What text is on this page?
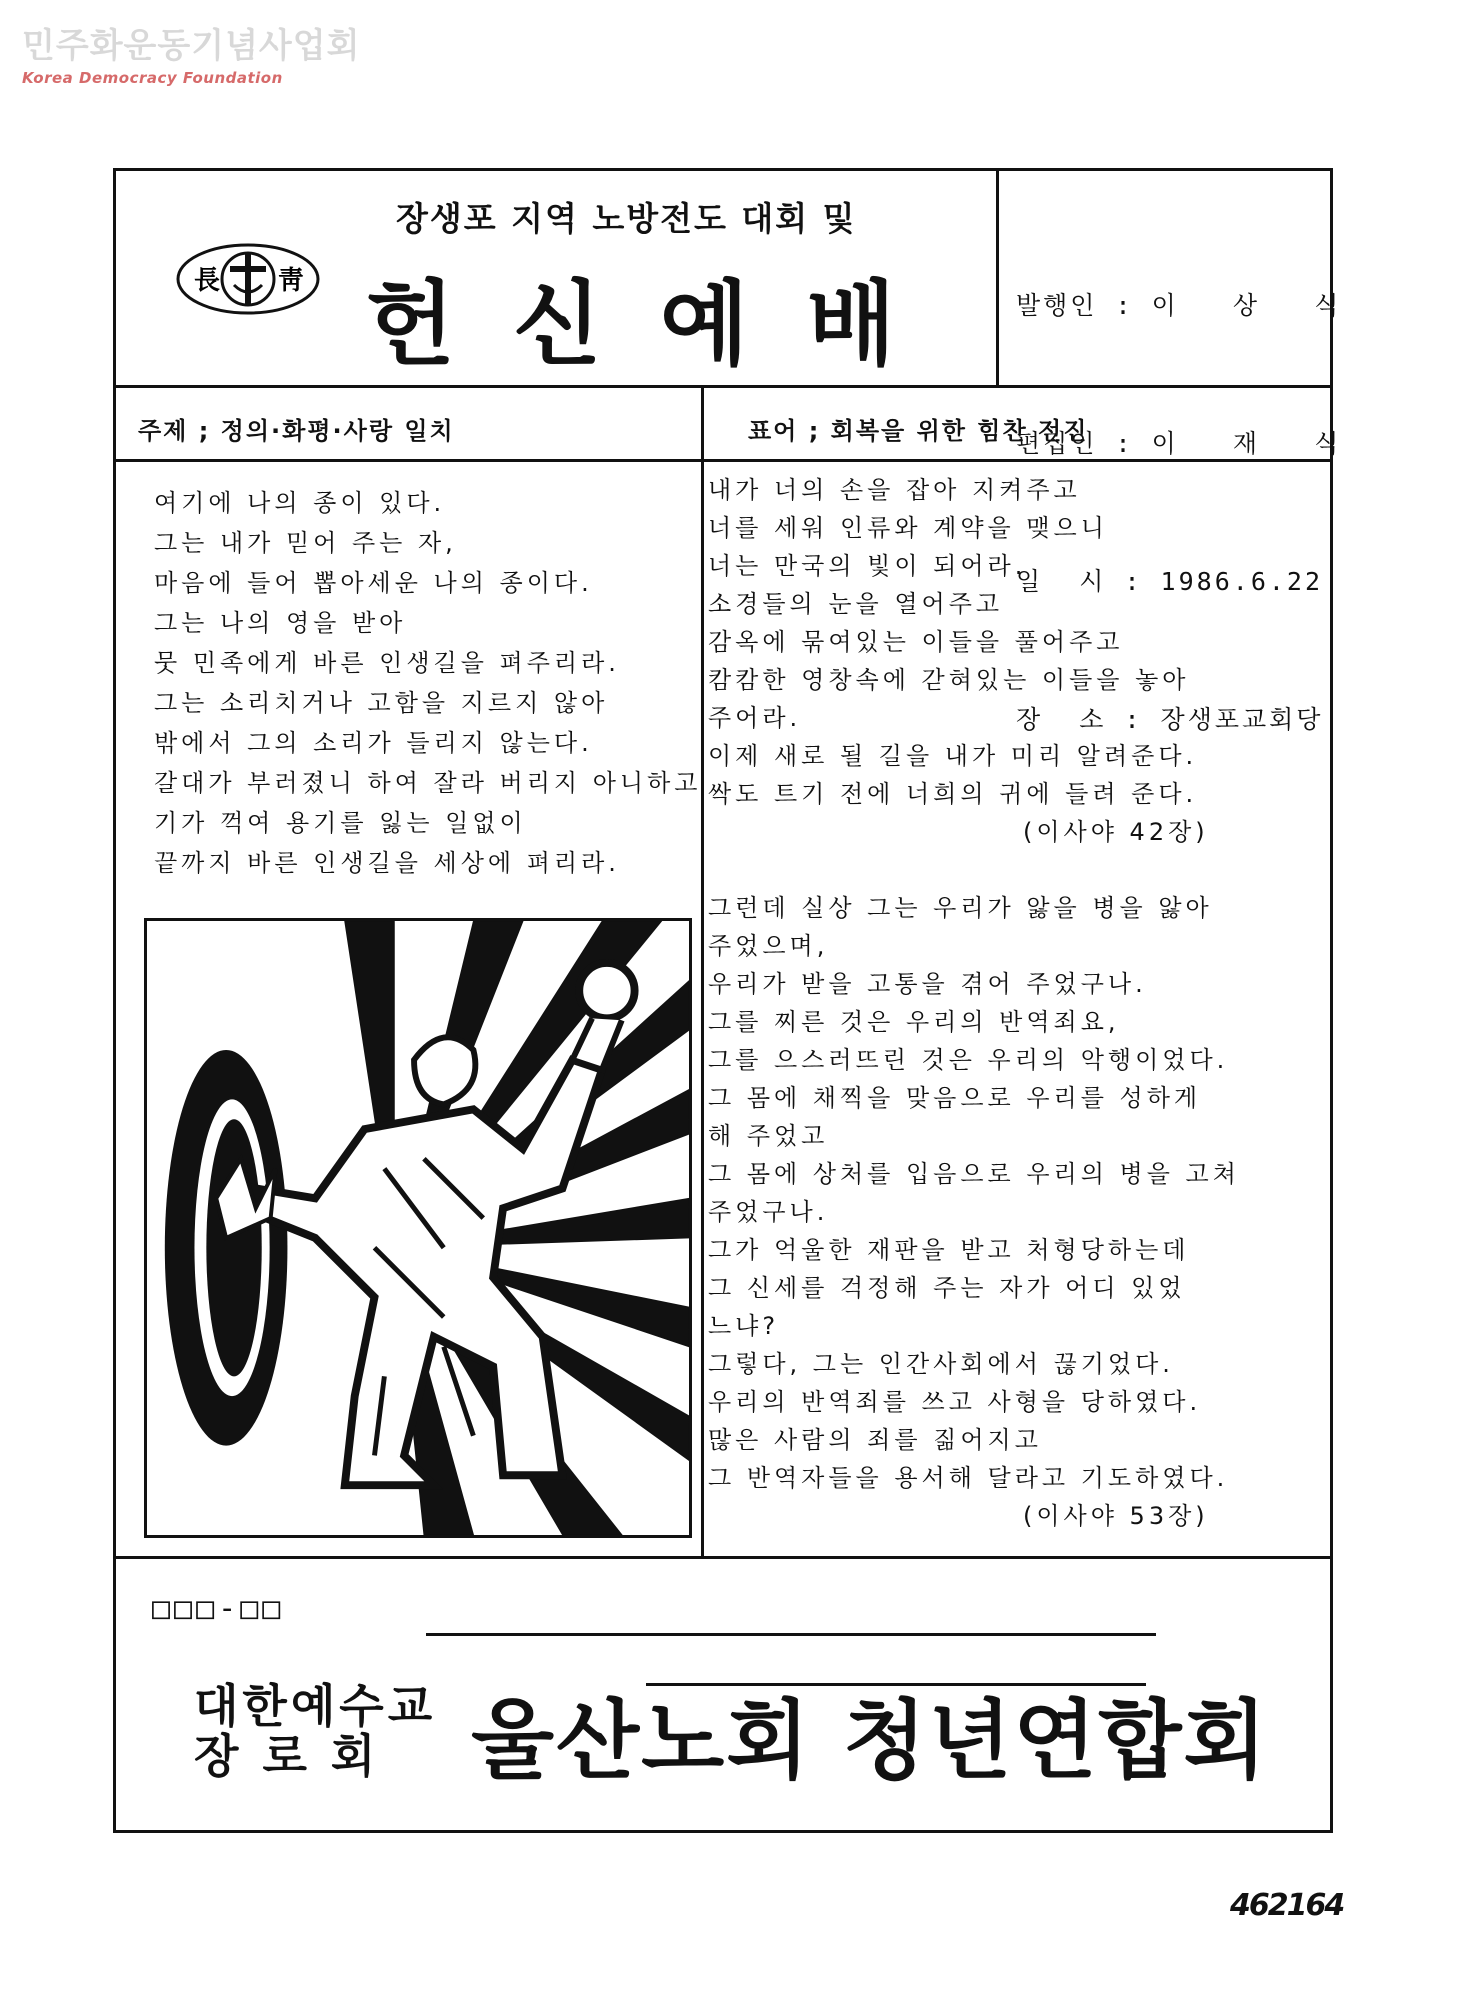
민주화운동기념사업회
Korea Democracy Foundation
長 靑
장생포 지역 노방전도 대회 및
헌신예배

	발행인 : 이   상   식

편집인 : 이   재   식

일  시 : 1986.6.22

장  소 : 장생포교회당

주제 ; 정의·화평·사랑 일치	표어 ; 회복을 위한 힘찬 전진

여기에 나의 종이 있다.

그는 내가 믿어 주는 자,

마음에 들어 뽑아세운 나의 종이다.

그는 나의 영을 받아

뭇 민족에게 바른 인생길을 펴주리라.

그는 소리치거나 고함을 지르지 않아

밖에서 그의 소리가 들리지 않는다.

갈대가 부러졌니 하여 잘라 버리지 아니하고

기가 꺽여 용기를 잃는 일없이

끝까지 바른 인생길을 세상에 펴리라.

내가 너의 손을 잡아 지켜주고

너를 세워 인류와 계약을 맺으니

너는 만국의 빛이 되어라.

소경들의 눈을 열어주고

감옥에 묶여있는 이들을 풀어주고

캄캄한 영창속에 갇혀있는 이들을 놓아

주어라.

이제 새로 될 길을 내가 미리 알려준다.

싹도 트기 전에 너희의 귀에 들려 준다.

(이사야 42장)

그런데 실상 그는 우리가 앓을 병을 앓아

주었으며,

우리가 받을 고통을 겪어 주었구나.

그를 찌른 것은 우리의 반역죄요,

그를 으스러뜨린 것은 우리의 악행이었다.

그 몸에 채찍을 맞음으로 우리를 성하게

해 주었고

그 몸에 상처를 입음으로 우리의 병을 고쳐

주었구나.

그가 억울한 재판을 받고 처형당하는데

그 신세를 걱정해 주는 자가 어디 있었

느냐?

그렇다, 그는 인간사회에서 끊기었다.

우리의 반역죄를 쓰고 사형을 당하였다.

많은 사람의 죄를 짊어지고

그 반역자들을 용서해 달라고 기도하였다.

(이사야 53장)
□□□-□□
대한예수교
장 로 회	울산노회 청년연합회
462164
